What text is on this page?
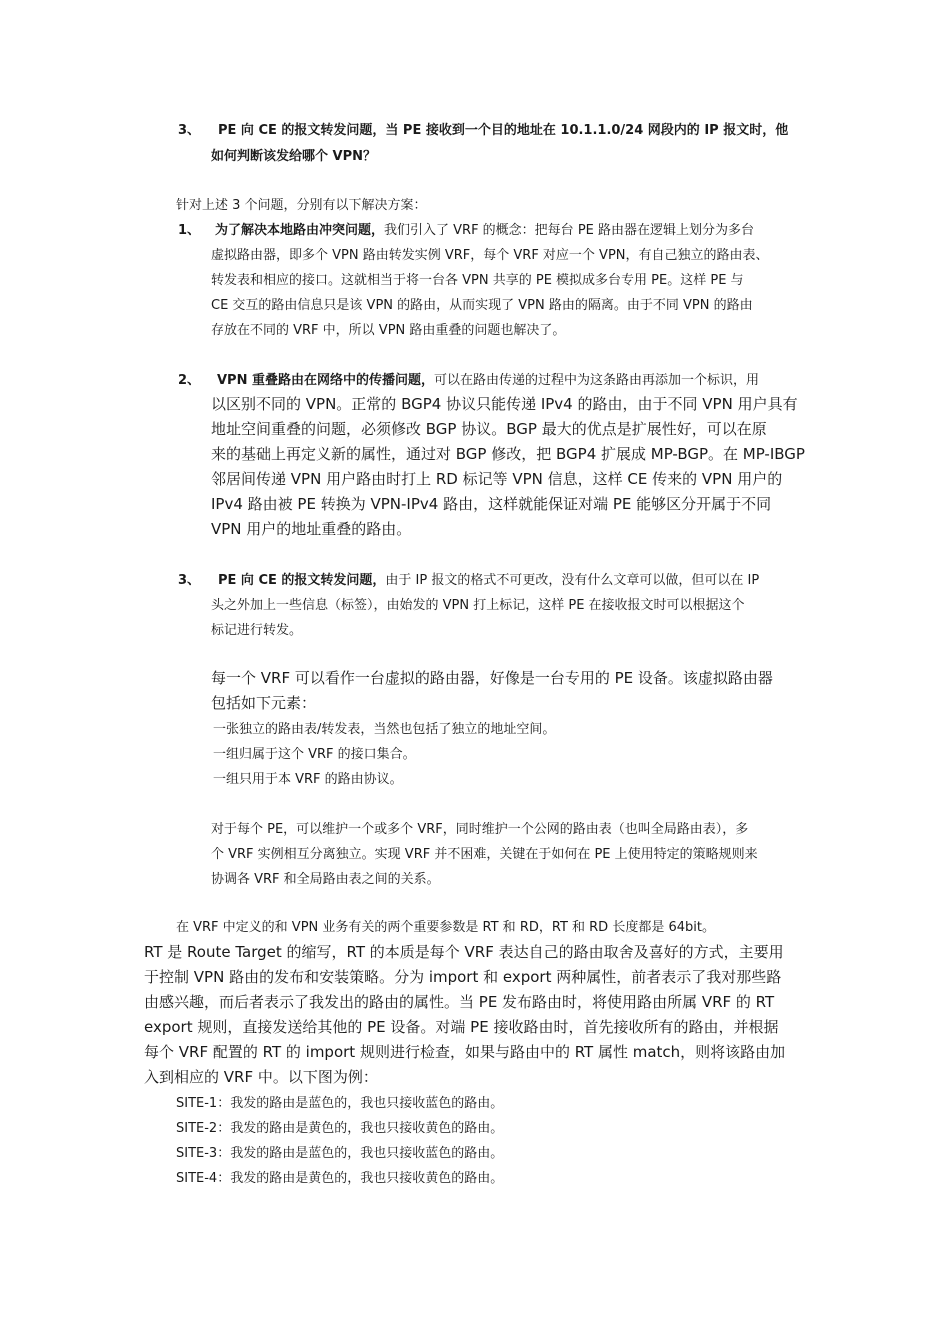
3、 PE 向 CE 的报文转发问题，当 PE 接收到一个目的地址在 10.1.1.0/24 网段内的 IP 报文时，他
如何判断该发给哪个 VPN？
针对上述 3 个问题，分别有以下解决方案：
1、 为了解决本地路由冲突问题，我们引入了 VRF 的概念：把每台 PE 路由器在逻辑上划分为多台
虚拟路由器，即多个 VPN 路由转发实例 VRF，每个 VRF 对应一个 VPN，有自己独立的路由表、
转发表和相应的接口。这就相当于将一台各 VPN 共享的 PE 模拟成多台专用 PE。这样 PE 与
CE 交互的路由信息只是该 VPN 的路由，从而实现了 VPN 路由的隔离。由于不同 VPN 的路由
存放在不同的 VRF 中，所以 VPN 路由重叠的问题也解决了。
2、 VPN 重叠路由在网络中的传播问题，可以在路由传递的过程中为这条路由再添加一个标识，用
以区别不同的 VPN。正常的 BGP4 协议只能传递 IPv4 的路由，由于不同 VPN 用户具有
地址空间重叠的问题，必须修改 BGP 协议。BGP 最大的优点是扩展性好，可以在原
来的基础上再定义新的属性，通过对 BGP 修改，把 BGP4 扩展成 MP-BGP。在 MP-IBGP
邻居间传递 VPN 用户路由时打上 RD 标记等 VPN 信息，这样 CE 传来的 VPN 用户的
IPv4 路由被 PE 转换为 VPN-IPv4 路由，这样就能保证对端 PE 能够区分开属于不同
VPN 用户的地址重叠的路由。
3、 PE 向 CE 的报文转发问题，由于 IP 报文的格式不可更改，没有什么文章可以做，但可以在 IP
头之外加上一些信息（标签），由始发的 VPN 打上标记，这样 PE 在接收报文时可以根据这个
标记进行转发。
每一个 VRF 可以看作一台虚拟的路由器，好像是一台专用的 PE 设备。该虚拟路由器
包括如下元素：
一张独立的路由表/转发表，当然也包括了独立的地址空间。
一组归属于这个 VRF 的接口集合。
一组只用于本 VRF 的路由协议。
对于每个 PE，可以维护一个或多个 VRF，同时维护一个公网的路由表（也叫全局路由表），多
个 VRF 实例相互分离独立。实现 VRF 并不困难，关键在于如何在 PE 上使用特定的策略规则来
协调各 VRF 和全局路由表之间的关系。
在 VRF 中定义的和 VPN 业务有关的两个重要参数是 RT 和 RD，RT 和 RD 长度都是 64bit。
RT 是 Route Target 的缩写，RT 的本质是每个 VRF 表达自己的路由取舍及喜好的方式，主要用
于控制 VPN 路由的发布和安装策略。分为 import 和 export 两种属性，前者表示了我对那些路
由感兴趣，而后者表示了我发出的路由的属性。当 PE 发布路由时，将使用路由所属 VRF 的 RT
export 规则，直接发送给其他的 PE 设备。对端 PE 接收路由时，首先接收所有的路由，并根据
每个 VRF 配置的 RT 的 import 规则进行检查，如果与路由中的 RT 属性 match，则将该路由加
入到相应的 VRF 中。以下图为例：
SITE-1：我发的路由是蓝色的，我也只接收蓝色的路由。
SITE-2：我发的路由是黄色的，我也只接收黄色的路由。
SITE-3：我发的路由是蓝色的，我也只接收蓝色的路由。
SITE-4：我发的路由是黄色的，我也只接收黄色的路由。
